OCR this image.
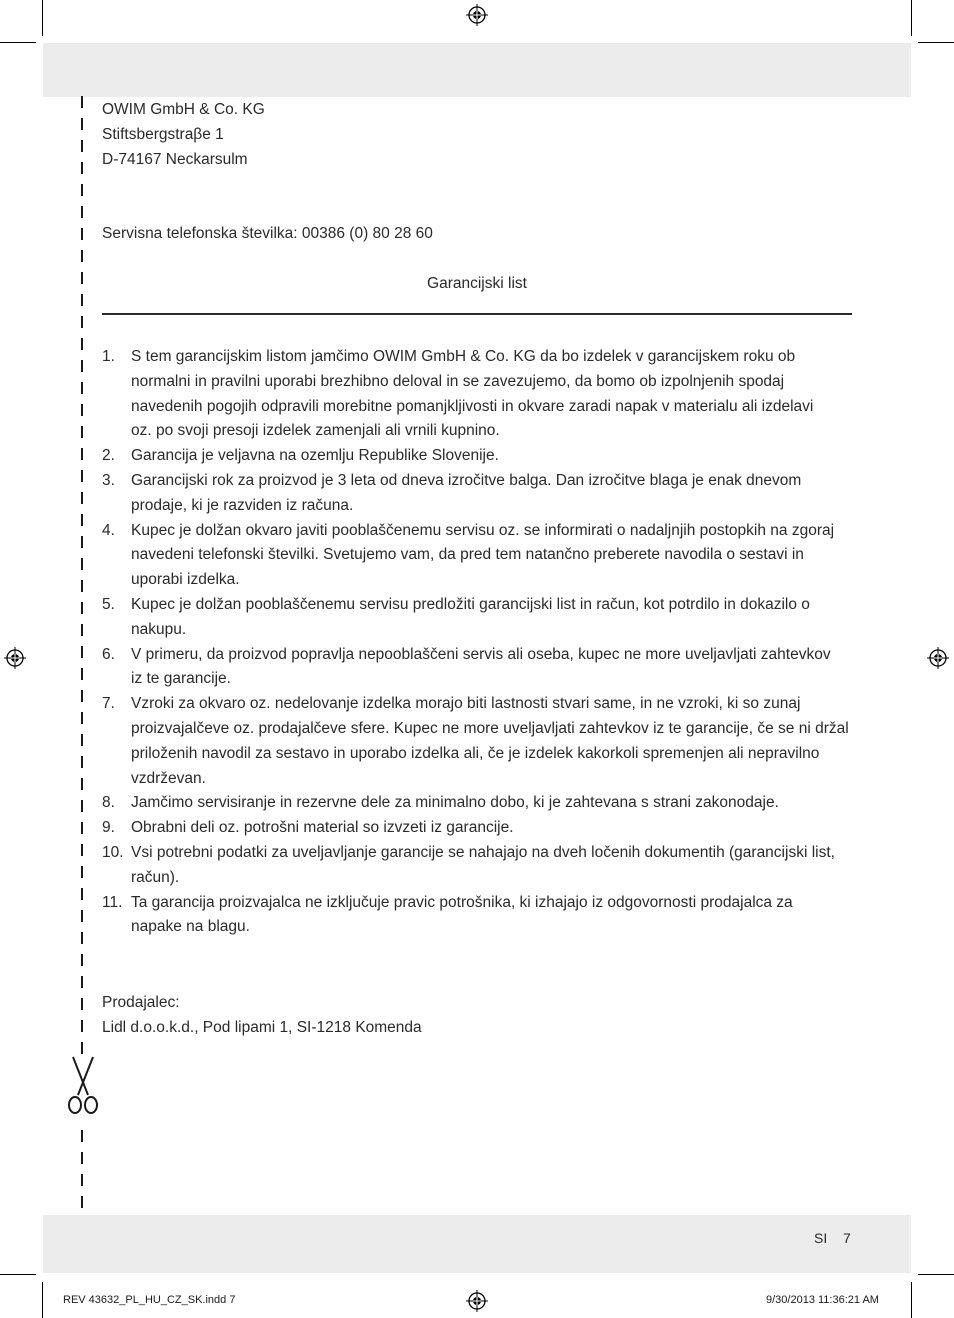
OWIM GmbH & Co. KG
Stiftsbergstraβe 1
D-74167 Neckarsulm
Servisna telefonska številka: 00386 (0) 80 28 60
Garancijski list
1. S tem garancijskim listom jamčimo OWIM GmbH & Co. KG da bo izdelek v garancijskem roku ob
normalni in pravilni uporabi brezhibno deloval in se zavezujemo, da bomo ob izpolnjenih spodaj
navedenih pogojih odpravili morebitne pomanjkljivosti in okvare zaradi napak v materialu ali izdelavi
oz. po svoji presoji izdelek zamenjali ali vrnili kupnino.
2. Garancija je veljavna na ozemlju Republike Slovenije.
3. Garancijski rok za proizvod je 3 leta od dneva izročitve balga. Dan izročitve blaga je enak dnevom
prodaje, ki je razviden iz računa.
4. Kupec je dolžan okvaro javiti pooblaščenemu servisu oz. se informirati o nadaljnjih postopkih na zgoraj
navedeni telefonski številki. Svetujemo vam, da pred tem natančno preberete navodila o sestavi in
uporabi izdelka.
5. Kupec je dolžan pooblaščenemu servisu predložiti garancijski list in račun, kot potrdilo in dokazilo o
nakupu.
6. V primeru, da proizvod popravlja nepooblaščeni servis ali oseba, kupec ne more uveljavljati zahtevkov
iz te garancije.
7. Vzroki za okvaro oz. nedelovanje izdelka morajo biti lastnosti stvari same, in ne vzroki, ki so zunaj
proizvajalčeve oz. prodajalčeve sfere. Kupec ne more uveljavljati zahtevkov iz te garancije, če se ni držal
priloženih navodil za sestavo in uporabo izdelka ali, če je izdelek kakorkoli spremenjen ali nepravilno
vzdrževan.
8. Jamčimo servisiranje in rezervne dele za minimalno dobo, ki je zahtevana s strani zakonodaje.
9. Obrabni deli oz. potrošni material so izvzeti iz garancije.
10. Vsi potrebni podatki za uveljavljanje garancije se nahajajo na dveh ločenih dokumentih (garancijski list,
račun).
11. Ta garancija proizvajalca ne izključuje pravic potrošnika, ki izhajajo iz odgovornosti prodajalca za
napake na blagu.
Prodajalec:
Lidl d.o.o.k.d., Pod lipami 1, SI-1218 Komenda
SI 7
REV 43632_PL_HU_CZ_SK.indd 7	9/30/2013 11:36:21 AM
